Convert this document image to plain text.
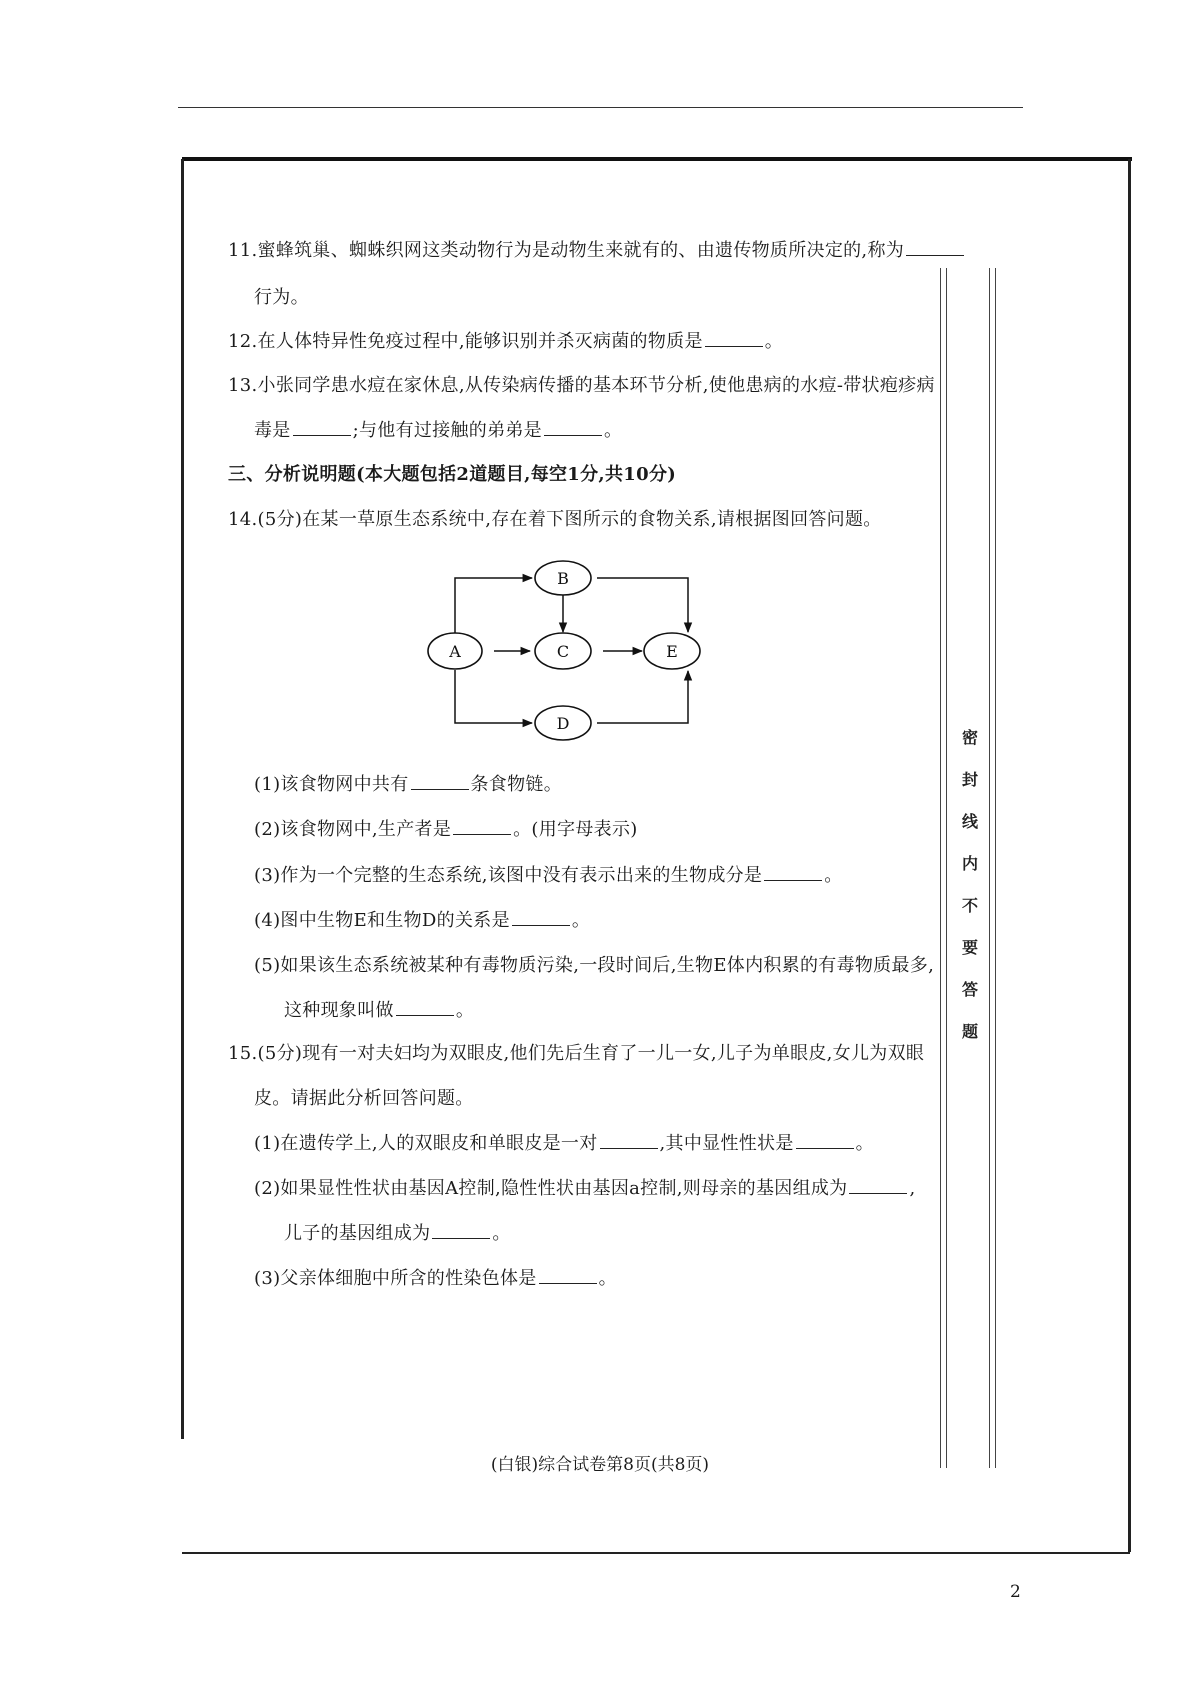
密
封
线
内
不
要
答
题
11.蜜蜂筑巢、蜘蛛织网这类动物行为是动物生来就有的、由遗传物质所决定的,称为
行为。
12.在人体特异性免疫过程中,能够识别并杀灭病菌的物质是	。
13.小张同学患水痘在家休息,从传染病传播的基本环节分析,使他患病的水痘-带状疱疹病
毒是	;与他有过接触的弟弟是	。
三、分析说明题(本大题包括2道题目,每空1分,共10分)
14.(5分)在某一草原生态系统中,存在着下图所示的食物关系,请根据图回答问题。
A
B
C
D
E
(1)该食物网中共有	条食物链。
(2)该食物网中,生产者是	。(用字母表示)
(3)作为一个完整的生态系统,该图中没有表示出来的生物成分是	。
(4)图中生物E和生物D的关系是	。
(5)如果该生态系统被某种有毒物质污染,一段时间后,生物E体内积累的有毒物质最多,
这种现象叫做	。
15.(5分)现有一对夫妇均为双眼皮,他们先后生育了一儿一女,儿子为单眼皮,女儿为双眼
皮。请据此分析回答问题。
(1)在遗传学上,人的双眼皮和单眼皮是一对	,其中显性性状是	。
(2)如果显性性状由基因A控制,隐性性状由基因a控制,则母亲的基因组成为	,
儿子的基因组成为	。
(3)父亲体细胞中所含的性染色体是	。
(白银)综合试卷第8页(共8页)
2
